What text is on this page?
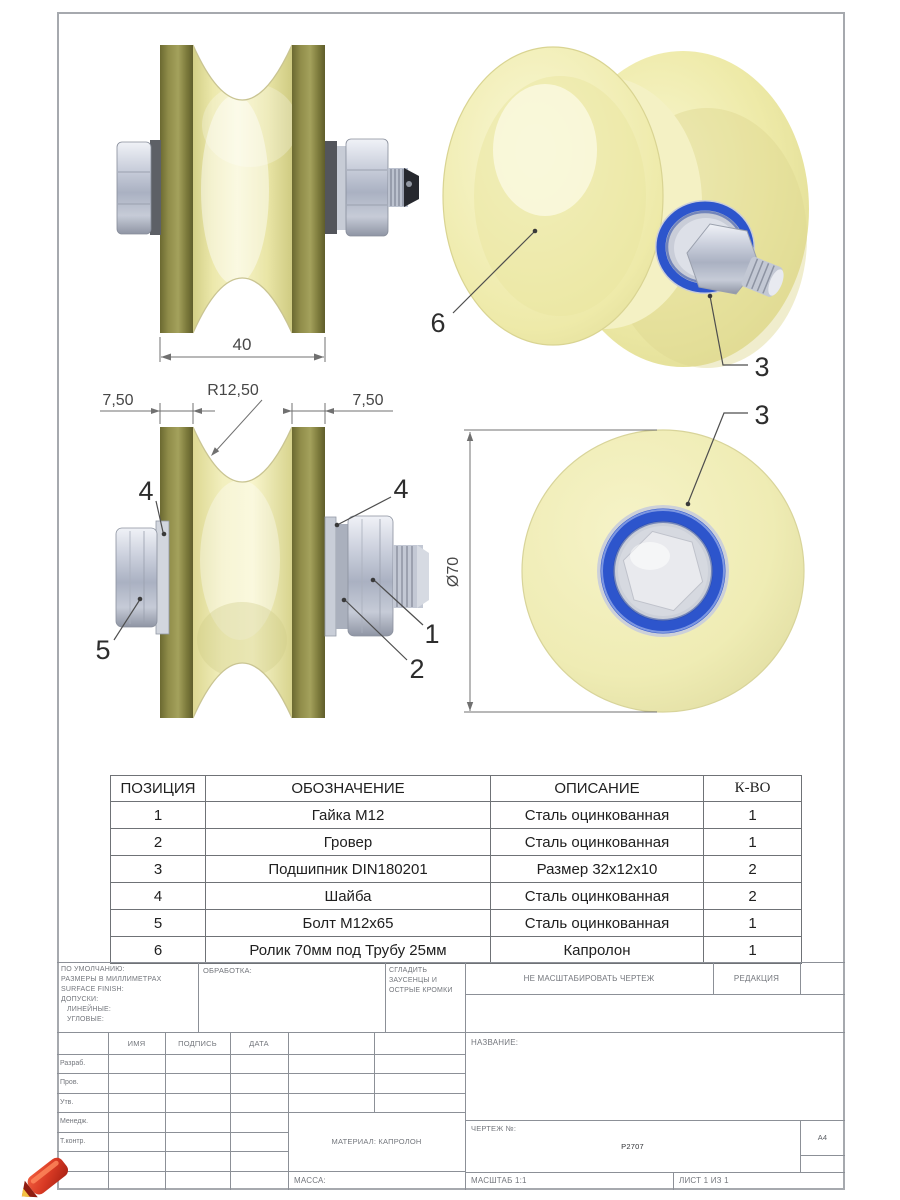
40
7,50	7,50
R12,50
4	4
5
2
1
6
3
Ø70
3
ПОЗИЦИЯ	ОБОЗНАЧЕНИЕ	ОПИСАНИЕ	К-ВО
1	Гайка М12	Сталь оцинкованная	1
2	Гровер	Сталь оцинкованная	1
3	Подшипник DIN180201	Размер 32х12х10	2
4	Шайба	Сталь оцинкованная	2
5	Болт М12х65	Сталь оцинкованная	1
6	Ролик 70мм под Трубу 25мм	Капролон	1
ПО УМОЛЧАНИЮ:
РАЗМЕРЫ В МИЛЛИМЕТРАХ
SURFACE FINISH:
ДОПУСКИ:
ЛИНЕЙНЫЕ:
УГЛОВЫЕ:
ОБРАБОТКА:	СГЛАДИТЬ
ЗАУСЕНЦЫ И
ОСТРЫЕ КРОМКИ
НЕ МАСШТАБИРОВАТЬ ЧЕРТЕЖ	РЕДАКЦИЯ
ИМЯ	ПОДПИСЬ	ДАТА
Разраб.
Пров.
Утв.
Менедж.
Т.контр.
НАЗВАНИЕ:
МАТЕРИАЛ: КАПРОЛОН
МАССА:
ЧЕРТЕЖ №:
P2707
A4
МАСШТАБ 1:1	ЛИСТ 1 ИЗ 1
